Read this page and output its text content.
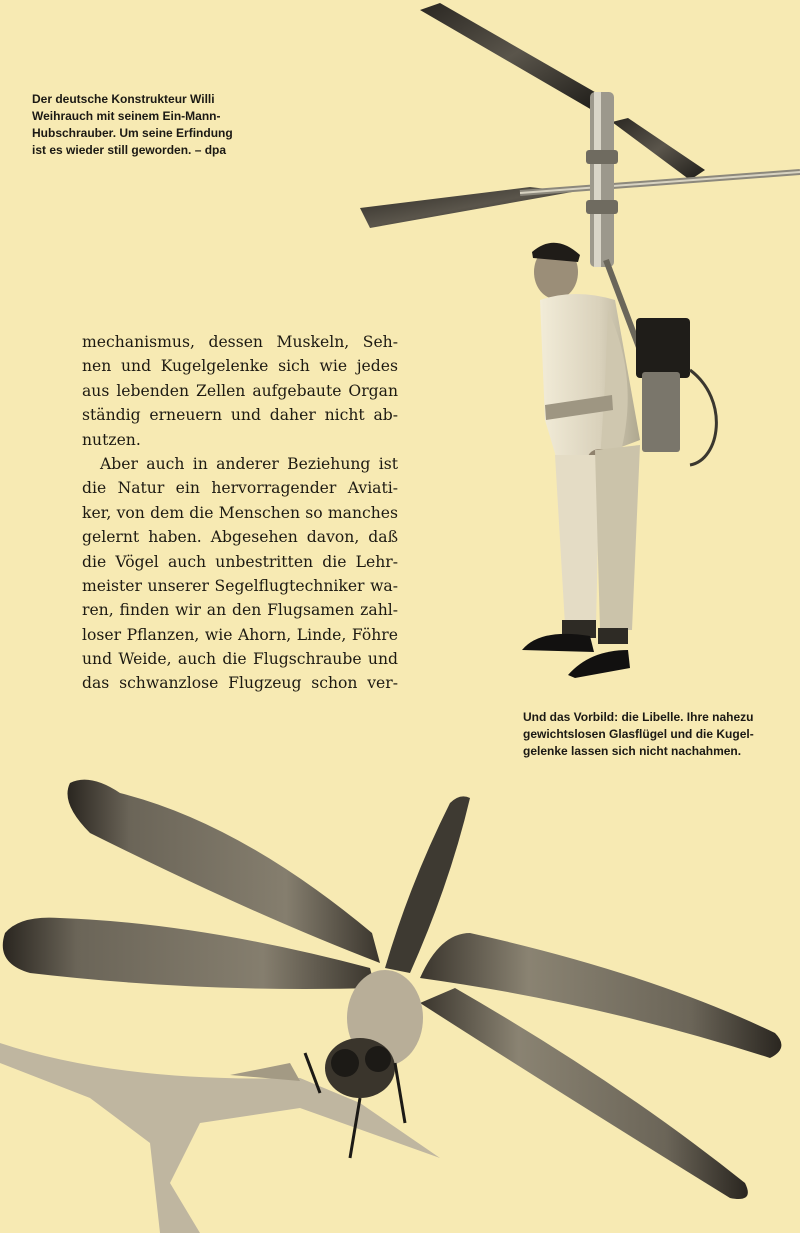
Der deutsche Konstrukteur Willi
Weihrauch mit seinem Ein-Mann-
Hubschrauber. Um seine Erfindung
ist es wieder still geworden. – dpa
mechanismus, dessen Muskeln, Seh-
nen und Kugelgelenke sich wie jedes
aus lebenden Zellen aufgebaute Organ
ständig erneuern und daher nicht ab-
nutzen.
Aber auch in anderer Beziehung ist
die Natur ein hervorragender Aviati-
ker, von dem die Menschen so manches
gelernt haben. Abgesehen davon, daß
die Vögel auch unbestritten die Lehr-
meister unserer Segelflugtechniker wa-
ren, finden wir an den Flugsamen zahl-
loser Pflanzen, wie Ahorn, Linde, Föhre
und Weide, auch die Flugschraube und
das schwanzlose Flugzeug schon ver-
Und das Vorbild: die Libelle. Ihre nahezu
gewichtslosen Glasflügel und die Kugel-
gelenke lassen sich nicht nachahmen.
